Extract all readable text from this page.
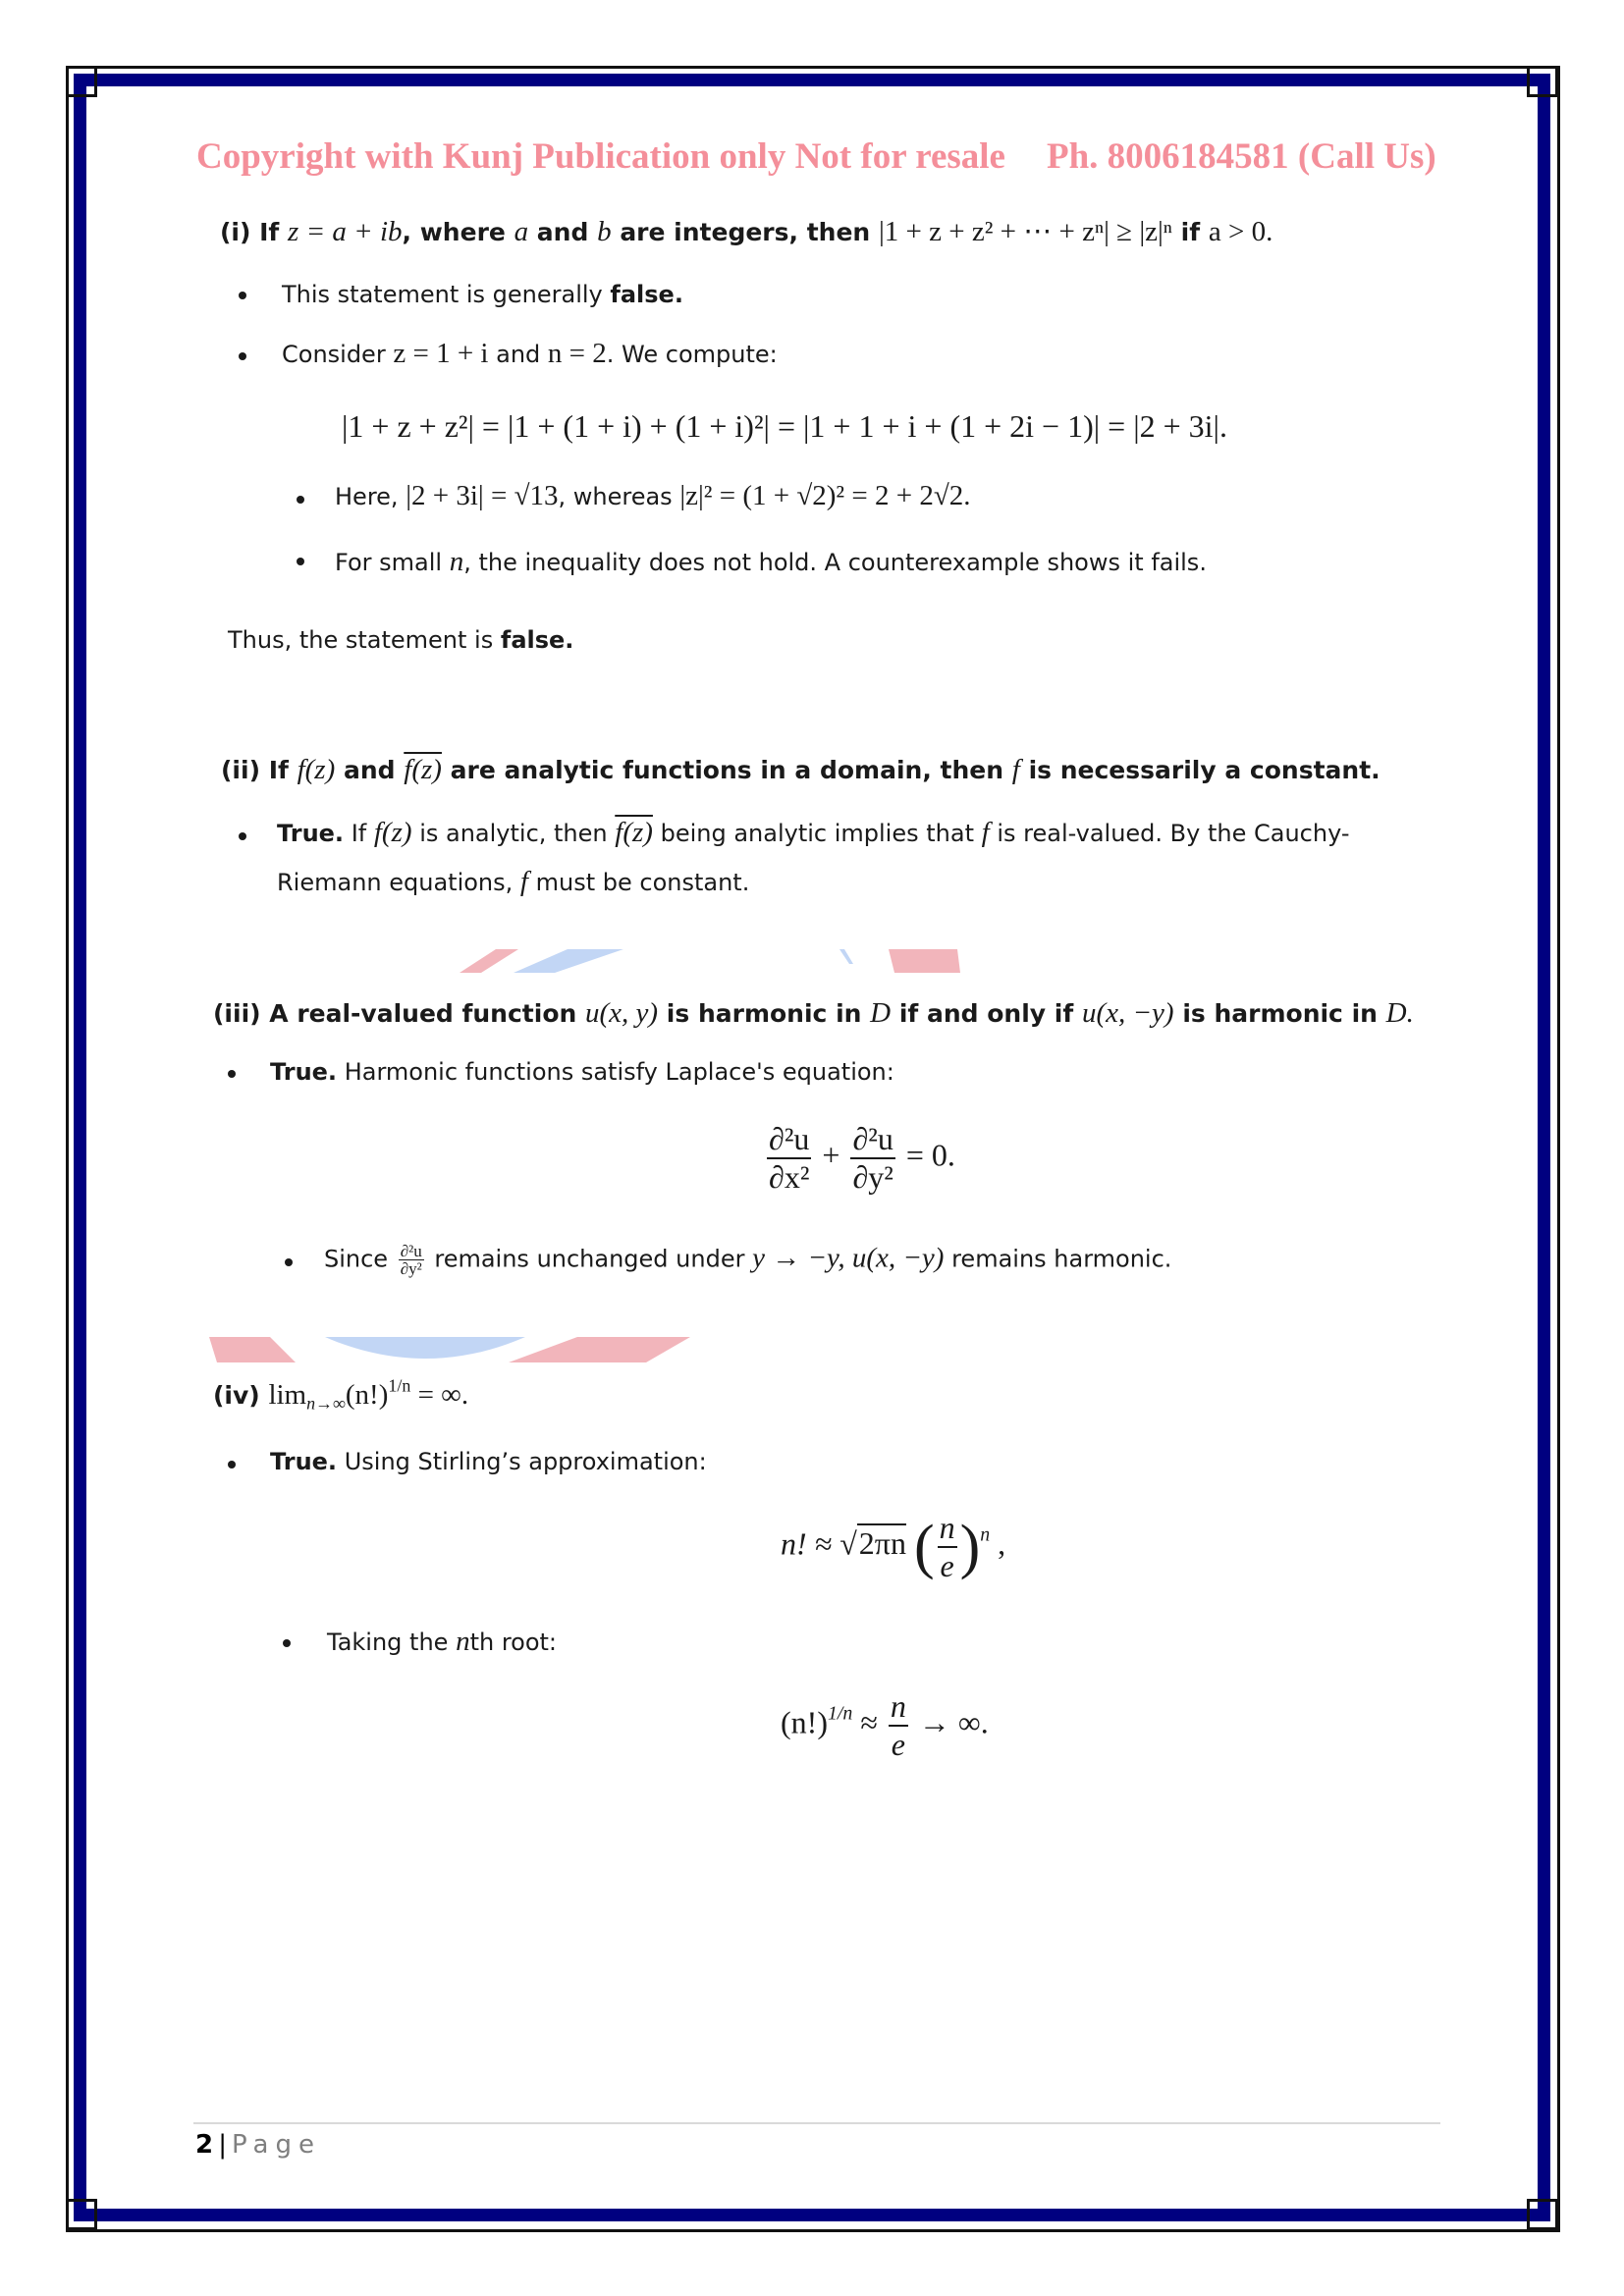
Copyright with Kunj Publication only Not for resale Ph. 8006184581 (Call Us)
(i) If z = a + ib, where a and b are integers, then |1 + z + z² + ⋯ + zⁿ| ≥ |z|ⁿ if a > 0.
This statement is generally false.
Consider z = 1 + i and n = 2. We compute:
|1 + z + z²| = |1 + (1 + i) + (1 + i)²| = |1 + 1 + i + (1 + 2i − 1)| = |2 + 3i|.
Here, |2 + 3i| = √13, whereas |z|² = (1 + √2)² = 2 + 2√2.
For small n, the inequality does not hold. A counterexample shows it fails.
Thus, the statement is false.
(ii) If f(z) and f(z) are analytic functions in a domain, then f is necessarily a constant.
True. If f(z) is analytic, then f(z) being analytic implies that f is real-valued. By the Cauchy-
Riemann equations, f must be constant.
(iii) A real-valued function u(x, y) is harmonic in D if and only if u(x, −y) is harmonic in D.
True. Harmonic functions satisfy Laplace's equation:
$\frac{\text{∂²u}}{\text{∂x²}} + \frac{\text{∂²u}}{\text{∂y²}} = 0$.
Since $\frac{\text{∂²u}}{\text{∂y²}}$ remains unchanged under y → −y, u(x, −y) remains harmonic.
(iv) $\lim_{n\to\infty}(n!)^{1/n}$ = ∞.
True. Using Stirling’s approximation:
n! ≈ √2πn ( $\frac{n}{e} )^n$ ,
Taking the nth root:
$(n!)^{1/n} \approx \frac{n}{e}$ → ∞.
2 | Page
